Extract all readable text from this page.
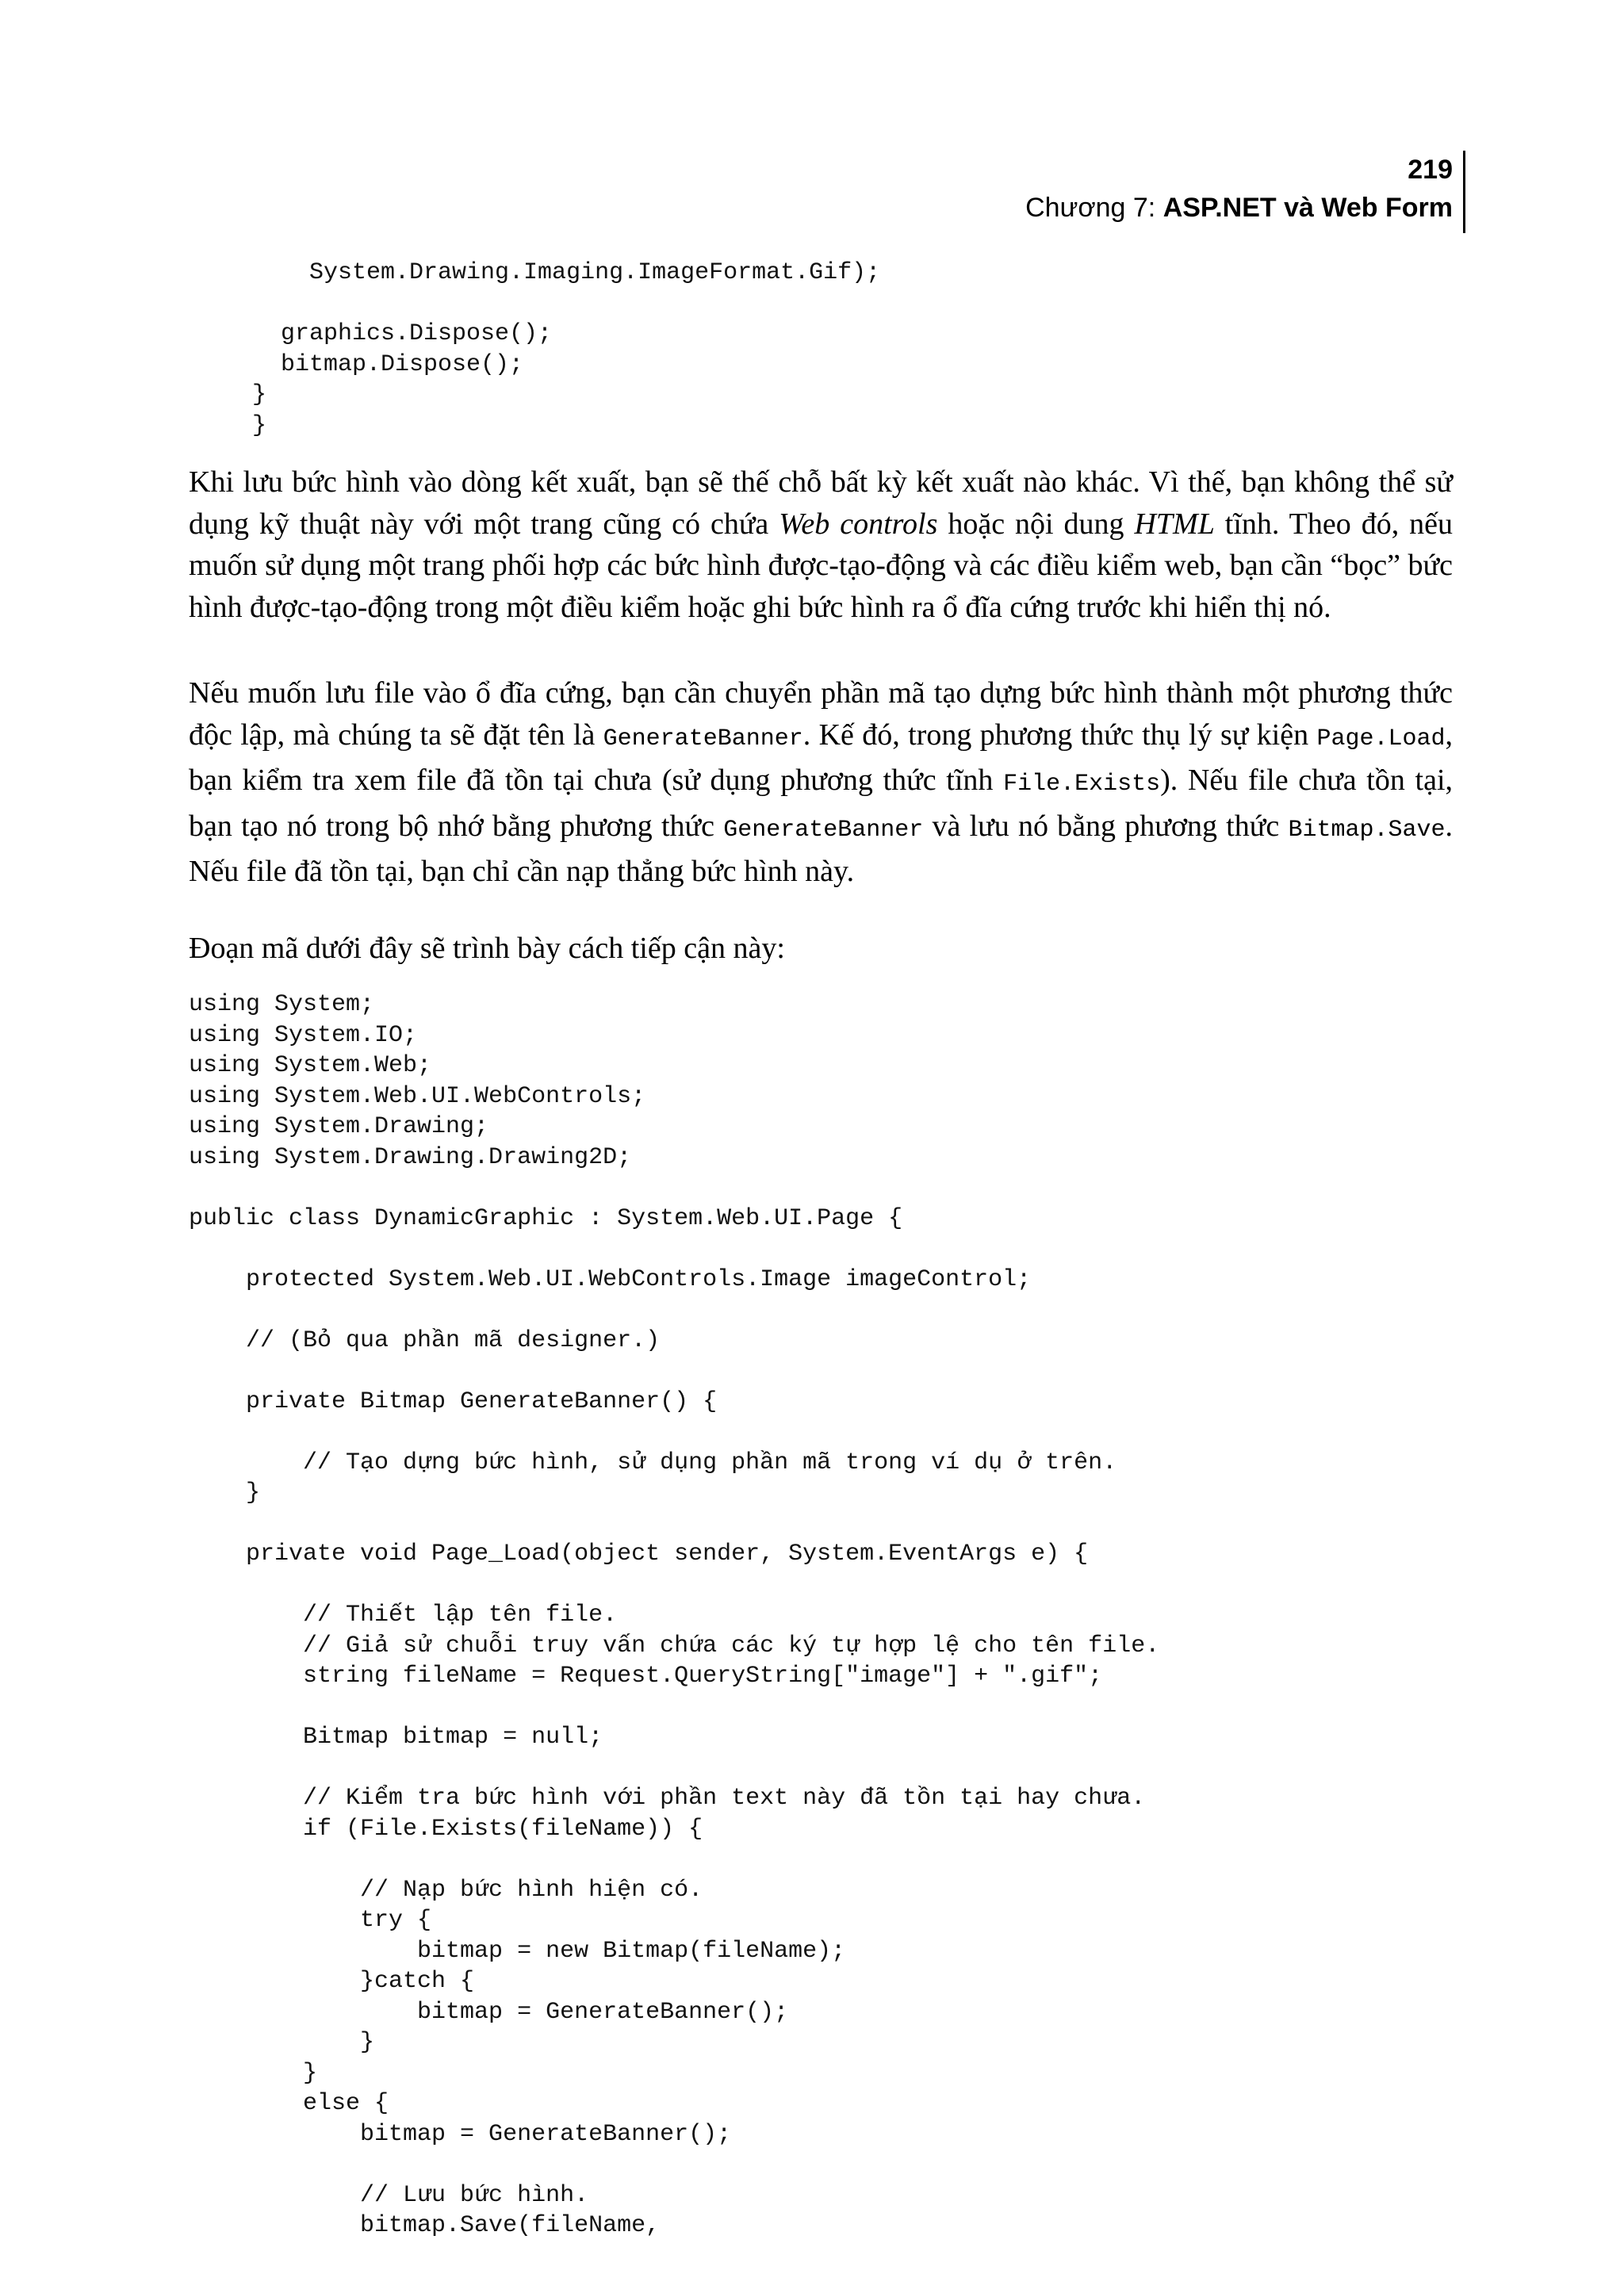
219
Chương 7: ASP.NET và Web Form
System.Drawing.Imaging.ImageFormat.Gif);

graphics.Dispose();
bitmap.Dispose();
}
}

Khi lưu bức hình vào dòng kết xuất, bạn sẽ thế chỗ bất kỳ kết xuất nào khác. Vì thế, bạn không thể sử dụng kỹ thuật này với một trang cũng có chứa Web controls hoặc nội dung HTML tĩnh. Theo đó, nếu muốn sử dụng một trang phối hợp các bức hình được-tạo-động và các điều kiểm web, bạn cần “bọc” bức hình được-tạo-động trong một điều kiểm hoặc ghi bức hình ra ổ đĩa cứng trước khi hiển thị nó.

Nếu muốn lưu file vào ổ đĩa cứng, bạn cần chuyển phần mã tạo dựng bức hình thành một phương thức độc lập, mà chúng ta sẽ đặt tên là GenerateBanner. Kế đó, trong phương thức thụ lý sự kiện Page.Load, bạn kiểm tra xem file đã tồn tại chưa (sử dụng phương thức tĩnh File.Exists). Nếu file chưa tồn tại, bạn tạo nó trong bộ nhớ bằng phương thức GenerateBanner và lưu nó bằng phương thức Bitmap.Save. Nếu file đã tồn tại, bạn chỉ cần nạp thẳng bức hình này.

Đoạn mã dưới đây sẽ trình bày cách tiếp cận này:

using System;
using System.IO;
using System.Web;
using System.Web.UI.WebControls;
using System.Drawing;
using System.Drawing.Drawing2D;

public class DynamicGraphic : System.Web.UI.Page {

protected System.Web.UI.WebControls.Image imageControl;

// (Bỏ qua phần mã designer.)

private Bitmap GenerateBanner() {

// Tạo dựng bức hình, sử dụng phần mã trong ví dụ ở trên.
}

private void Page_Load(object sender, System.EventArgs e) {

// Thiết lập tên file.
// Giả sử chuỗi truy vấn chứa các ký tự hợp lệ cho tên file.
string fileName = Request.QueryString["image"] + ".gif";

Bitmap bitmap = null;

// Kiểm tra bức hình với phần text này đã tồn tại hay chưa.
if (File.Exists(fileName)) {

// Nạp bức hình hiện có.
try {
bitmap = new Bitmap(fileName);
}catch {
bitmap = GenerateBanner();
}
}
else {
bitmap = GenerateBanner();

// Lưu bức hình.
bitmap.Save(fileName,
